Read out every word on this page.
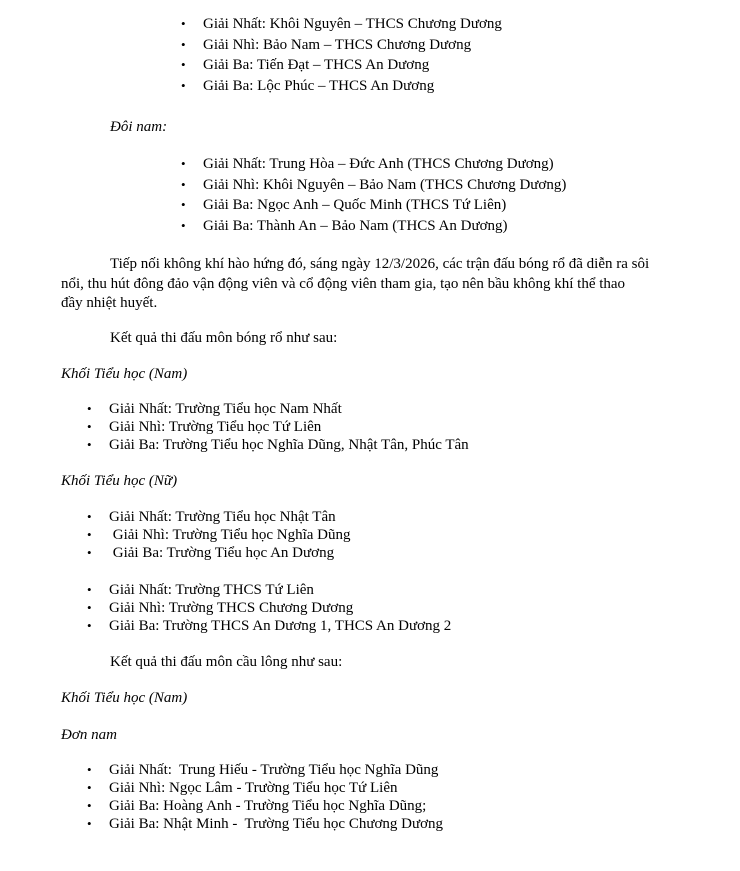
• Giải Nhất: Khôi Nguyên – THCS Chương Dương
• Giải Nhì: Bảo Nam – THCS Chương Dương
• Giải Ba: Tiến Đạt – THCS An Dương
• Giải Ba: Lộc Phúc – THCS An Dương
Đôi nam:
• Giải Nhất: Trung Hòa – Đức Anh (THCS Chương Dương)
• Giải Nhì: Khôi Nguyên – Bảo Nam (THCS Chương Dương)
• Giải Ba: Ngọc Anh – Quốc Minh (THCS Tứ Liên)
• Giải Ba: Thành An – Bảo Nam (THCS An Dương)
Tiếp nối không khí hào hứng đó, sáng ngày 12/3/2026, các trận đấu bóng rổ đã diễn ra sôi
nổi, thu hút đông đảo vận động viên và cổ động viên tham gia, tạo nên bầu không khí thể thao
đầy nhiệt huyết.
Kết quả thi đấu môn bóng rổ như sau:
Khối Tiểu học (Nam)
• Giải Nhất: Trường Tiểu học Nam Nhất
• Giải Nhì: Trường Tiểu học Tứ Liên
• Giải Ba: Trường Tiểu học Nghĩa Dũng, Nhật Tân, Phúc Tân
Khối Tiểu học (Nữ)
• Giải Nhất: Trường Tiểu học Nhật Tân
• Giải Nhì: Trường Tiểu học Nghĩa Dũng
• Giải Ba: Trường Tiểu học An Dương
• Giải Nhất: Trường THCS Tứ Liên
• Giải Nhì: Trường THCS Chương Dương
• Giải Ba: Trường THCS An Dương 1, THCS An Dương 2
Kết quả thi đấu môn cầu lông như sau:
Khối Tiểu học (Nam)
Đơn nam
• Giải Nhất:  Trung Hiếu - Trường Tiểu học Nghĩa Dũng
• Giải Nhì: Ngọc Lâm - Trường Tiểu học Tứ Liên
• Giải Ba: Hoàng Anh - Trường Tiểu học Nghĩa Dũng;
• Giải Ba: Nhật Minh -  Trường Tiểu học Chương Dương
